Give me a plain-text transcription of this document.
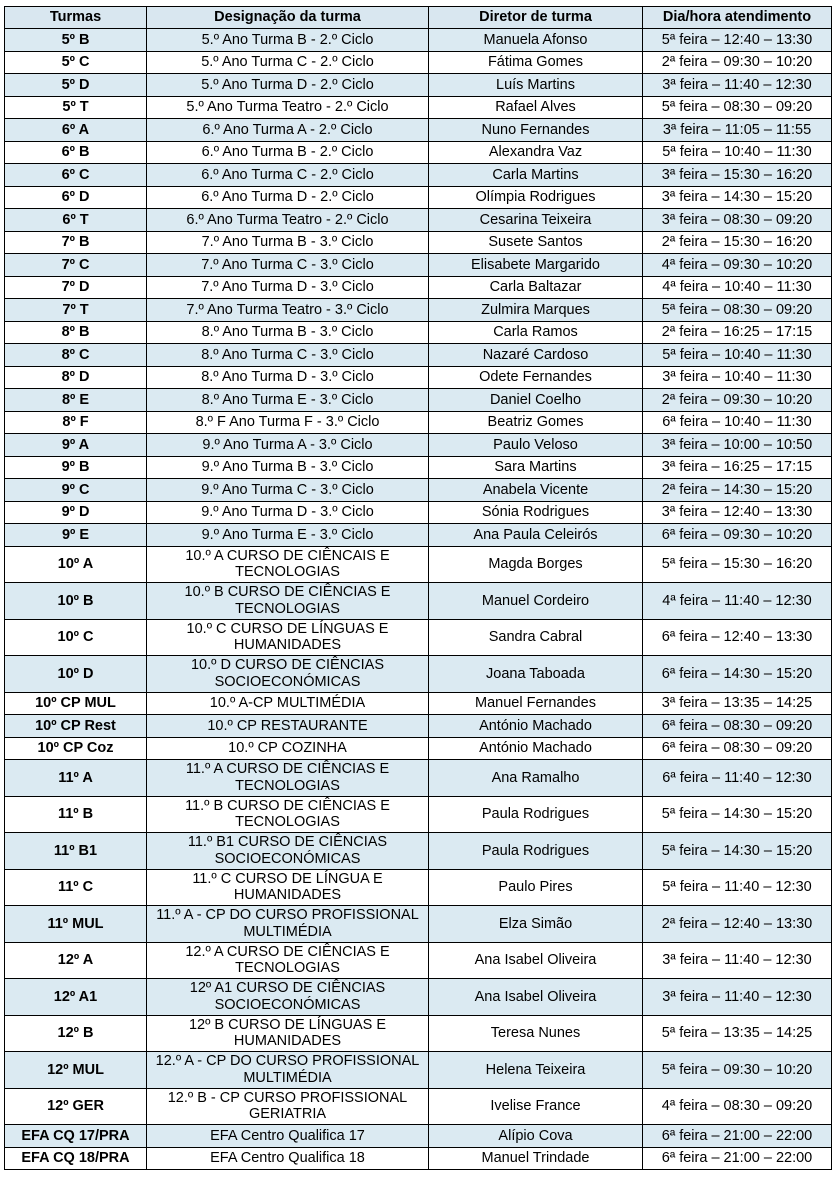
Turmas	Designação da turma	Diretor de turma	Dia/hora atendimento
5º B	5.º Ano Turma B - 2.º Ciclo	Manuela Afonso	5ª feira – 12:40 – 13:30
5º C	5.º Ano Turma C - 2.º Ciclo	Fátima Gomes	2ª feira – 09:30 – 10:20
5º D	5.º Ano Turma D - 2.º Ciclo	Luís Martins	3ª feira – 11:40 – 12:30
5º T	5.º Ano Turma Teatro - 2.º Ciclo	Rafael Alves	5ª feira – 08:30 – 09:20
6º A	6.º Ano Turma A - 2.º Ciclo	Nuno Fernandes	3ª feira – 11:05 – 11:55
6º B	6.º Ano Turma B - 2.º Ciclo	Alexandra Vaz	5ª feira – 10:40 – 11:30
6º C	6.º Ano Turma C - 2.º Ciclo	Carla Martins	3ª feira – 15:30 – 16:20
6º D	6.º Ano Turma D - 2.º Ciclo	Olímpia Rodrigues	3ª feira – 14:30 – 15:20
6º T	6.º Ano Turma Teatro - 2.º Ciclo	Cesarina Teixeira	3ª feira – 08:30 – 09:20
7º B	7.º Ano Turma B - 3.º Ciclo	Susete Santos	2ª feira – 15:30 – 16:20
7º C	7.º Ano Turma C - 3.º Ciclo	Elisabete Margarido	4ª feira – 09:30 – 10:20
7º D	7.º Ano Turma D - 3.º Ciclo	Carla Baltazar	4ª feira – 10:40 – 11:30
7º T	7.º Ano Turma Teatro - 3.º Ciclo	Zulmira Marques	5ª feira – 08:30 – 09:20
8º B	8.º Ano Turma B - 3.º Ciclo	Carla Ramos	2ª feira – 16:25 – 17:15
8º C	8.º Ano Turma C - 3.º Ciclo	Nazaré Cardoso	5ª feira – 10:40 – 11:30
8º D	8.º Ano Turma D - 3.º Ciclo	Odete Fernandes	3ª feira – 10:40 – 11:30
8º E	8.º Ano Turma E - 3.º Ciclo	Daniel Coelho	2ª feira – 09:30 – 10:20
8º F	8.º F Ano Turma F - 3.º Ciclo	Beatriz Gomes	6ª feira – 10:40 – 11:30
9º A	9.º Ano Turma A - 3.º Ciclo	Paulo Veloso	3ª feira – 10:00 – 10:50
9º B	9.º Ano Turma B - 3.º Ciclo	Sara Martins	3ª feira – 16:25 – 17:15
9º C	9.º Ano Turma C - 3.º Ciclo	Anabela Vicente	2ª feira – 14:30 – 15:20
9º D	9.º Ano Turma D - 3.º Ciclo	Sónia Rodrigues	3ª feira – 12:40 – 13:30
9º E	9.º Ano Turma E - 3.º Ciclo	Ana Paula Celeirós	6ª feira – 09:30 – 10:20
10º A	10.º A CURSO DE CIÊNCAIS E TECNOLOGIAS	Magda Borges	5ª feira – 15:30 – 16:20
10º B	10.º B CURSO DE CIÊNCIAS E TECNOLOGIAS	Manuel Cordeiro	4ª feira – 11:40 – 12:30
10º C	10.º C CURSO DE LÍNGUAS E HUMANIDADES	Sandra Cabral	6ª feira – 12:40 – 13:30
10º D	10.º D CURSO DE CIÊNCIAS SOCIOECONÓMICAS	Joana Taboada	6ª feira – 14:30 – 15:20
10º CP MUL	10.º A-CP MULTIMÉDIA	Manuel Fernandes	3ª feira – 13:35 – 14:25
10º CP Rest	10.º CP RESTAURANTE	António Machado	6ª feira – 08:30 – 09:20
10º CP Coz	10.º CP COZINHA	António Machado	6ª feira – 08:30 – 09:20
11º A	11.º A CURSO DE CIÊNCIAS E TECNOLOGIAS	Ana Ramalho	6ª feira – 11:40 – 12:30
11º B	11.º B CURSO DE CIÊNCIAS E TECNOLOGIAS	Paula Rodrigues	5ª feira – 14:30 – 15:20
11º B1	11.º B1 CURSO DE CIÊNCIAS SOCIOECONÓMICAS	Paula Rodrigues	5ª feira – 14:30 – 15:20
11º C	11.º C CURSO DE LÍNGUA E HUMANIDADES	Paulo Pires	5ª feira – 11:40 – 12:30
11º MUL	11.º A - CP DO CURSO PROFISSIONAL MULTIMÉDIA	Elza Simão	2ª feira – 12:40 – 13:30
12º A	12.º A CURSO DE CIÊNCIAS E TECNOLOGIAS	Ana Isabel Oliveira	3ª feira – 11:40 – 12:30
12º A1	12º A1 CURSO DE CIÊNCIAS SOCIOECONÓMICAS	Ana Isabel Oliveira	3ª feira – 11:40 – 12:30
12º B	12º B CURSO DE LÍNGUAS E HUMANIDADES	Teresa Nunes	5ª feira – 13:35 – 14:25
12º MUL	12.º A - CP DO CURSO PROFISSIONAL MULTIMÉDIA	Helena Teixeira	5ª feira – 09:30 – 10:20
12º GER	12.º B - CP CURSO PROFISSIONAL GERIATRIA	Ivelise France	4ª feira – 08:30 – 09:20
EFA CQ 17/PRA	EFA Centro Qualifica 17	Alípio Cova	6ª feira – 21:00 – 22:00
EFA CQ 18/PRA	EFA Centro Qualifica 18	Manuel Trindade	6ª feira – 21:00 – 22:00
